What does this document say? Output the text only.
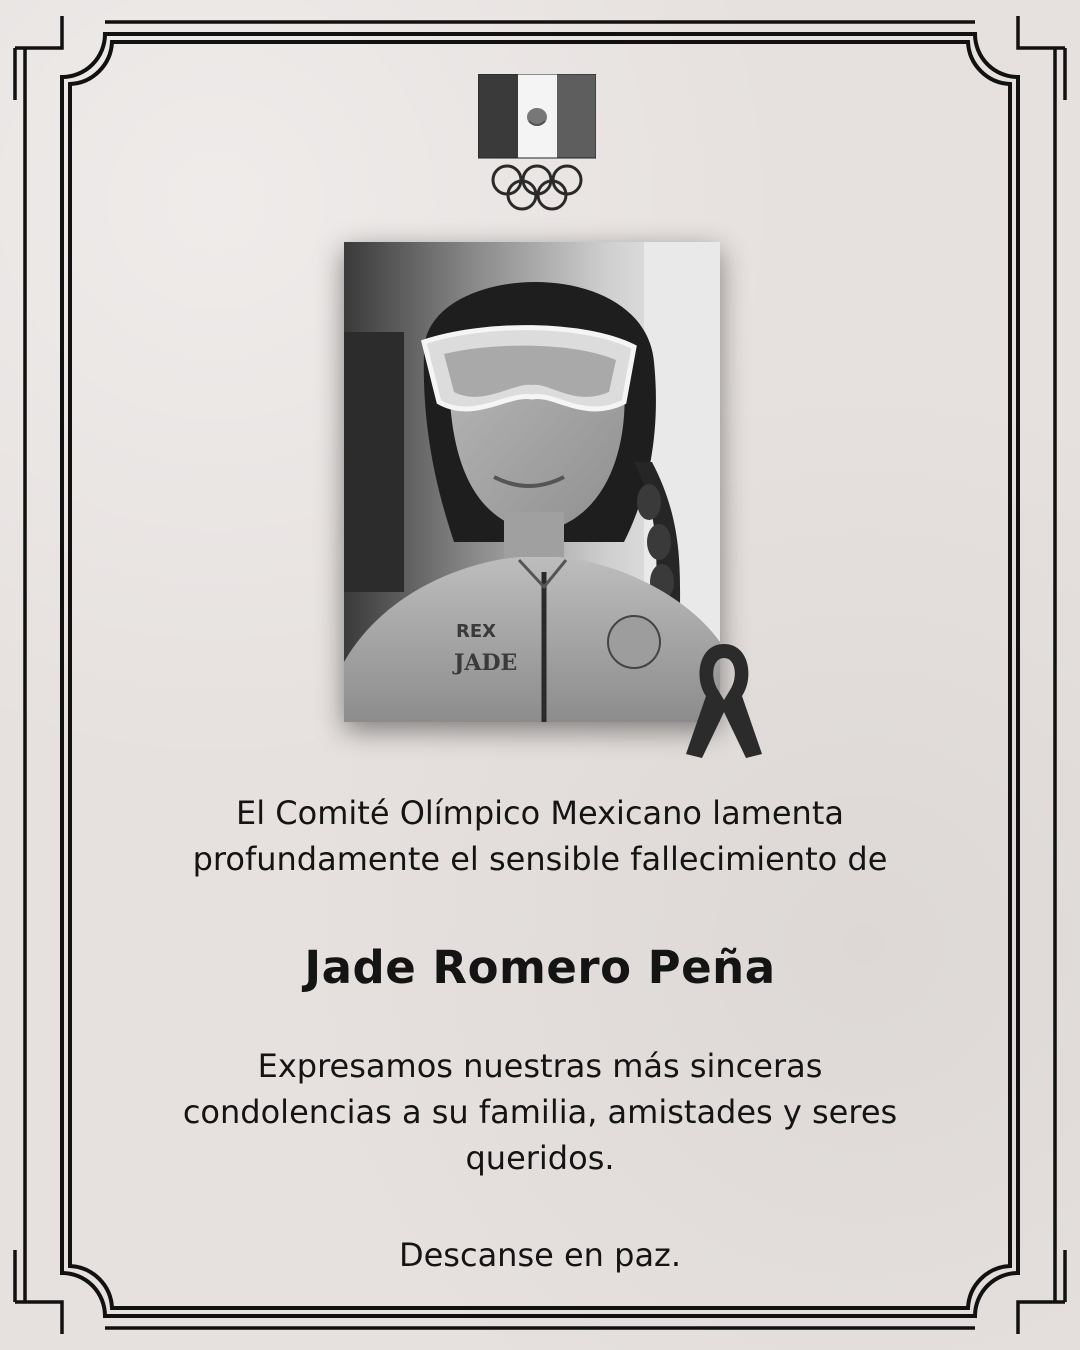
REX
JADE
El Comité Olímpico Mexicano lamenta
profundamente el sensible fallecimiento de
Jade Romero Peña
Expresamos nuestras más sinceras
condolencias a su familia, amistades y seres
queridos.
Descanse en paz.
